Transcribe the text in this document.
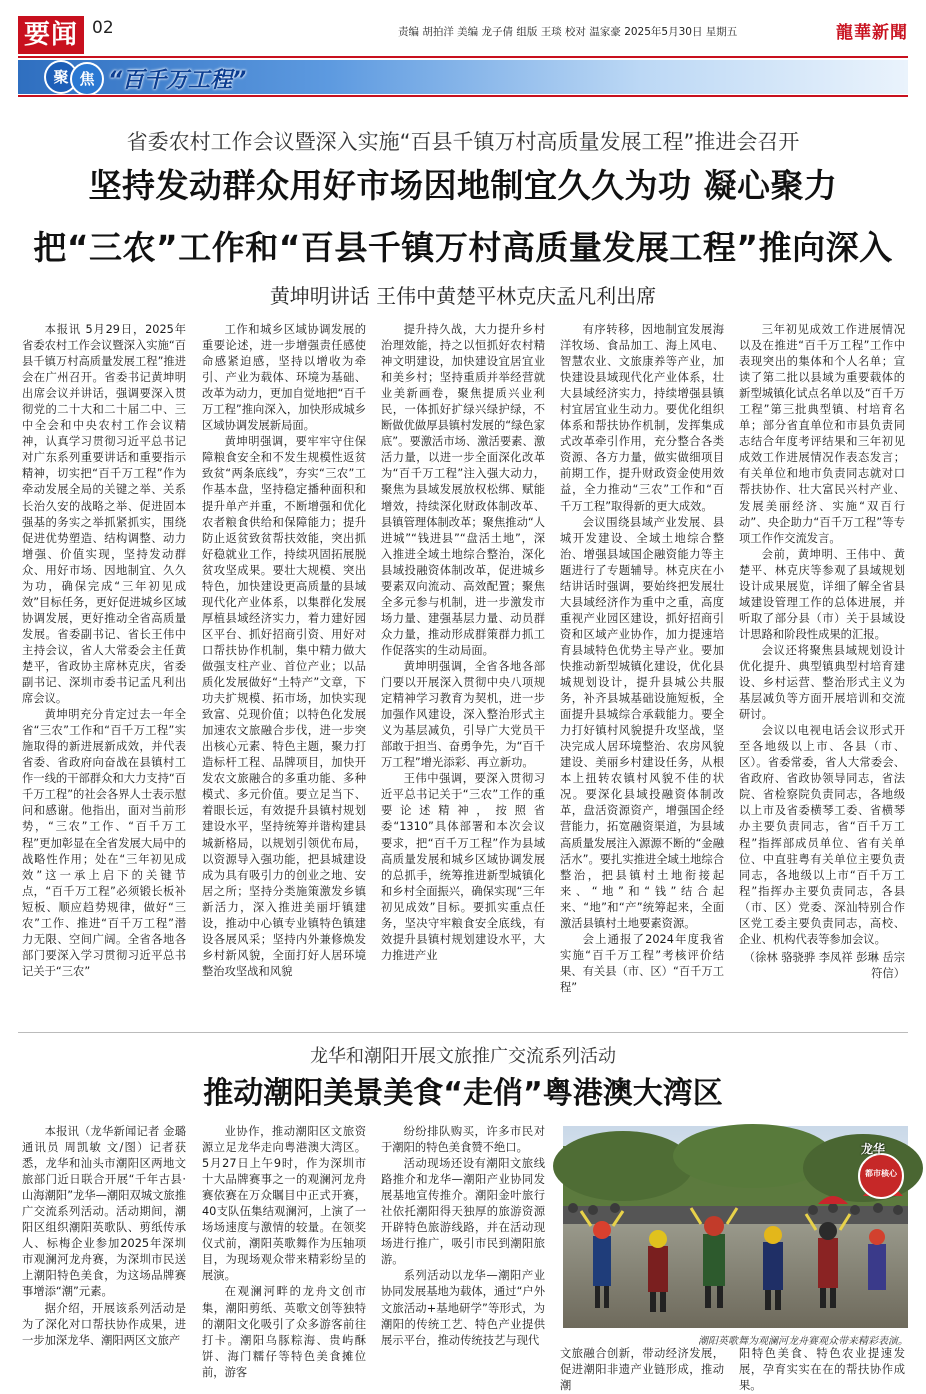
要闻 02	责编 胡拍洋 美编 龙子倩 组版 王琰 校对 温家豪 2025年5月30日 星期五	龍華新聞
聚 焦 “百千万工程”
省委农村工作会议暨深入实施“百县千镇万村高质量发展工程”推进会召开
坚持发动群众用好市场因地制宜久久为功 凝心聚力
把“三农”工作和“百县千镇万村高质量发展工程”推向深入
黄坤明讲话 王伟中黄楚平林克庆孟凡利出席

本报讯 5月29日，2025年省委农村工作会议暨深入实施“百县千镇万村高质量发展工程”推进会在广州召开。省委书记黄坤明出席会议并讲话，强调要深入贯彻党的二十大和二十届二中、三中全会和中央农村工作会议精神，认真学习贯彻习近平总书记对广东系列重要讲话和重要指示精神，切实把“百千万工程”作为牵动发展全局的关键之举、关系长治久安的战略之举、促进固本强基的务实之举抓紧抓实，围绕促进优势塑造、结构调整、动力增强、价值实现，坚持发动群众、用好市场、因地制宜、久久为功，确保完成“三年初见成效”目标任务，更好促进城乡区域协调发展，更好推动全省高质量发展。省委副书记、省长王伟中主持会议，省人大常委会主任黄楚平，省政协主席林克庆，省委副书记、深圳市委书记孟凡利出席会议。

黄坤明充分肯定过去一年全省“三农”工作和“百千万工程”实施取得的新进展新成效，并代表省委、省政府向奋战在县镇村工作一线的干部群众和大力支持“百千万工程”的社会各界人士表示慰问和感谢。他指出，面对当前形势，“三农”工作、“百千万工程”更加彰显在全省发展大局中的战略性作用；处在“三年初见成效”这一承上启下的关键节点，“百千万工程”必须锻长板补短板、顺应趋势规律，做好“三农”工作、推进“百千万工程”潜力无限、空间广阔。全省各地各部门要深入学习贯彻习近平总书记关于“三农”

工作和城乡区域协调发展的重要论述，进一步增强责任感使命感紧迫感，坚持以增收为牵引、产业为载体、环境为基础、改革为动力，更加自觉地把“百千万工程”推向深入，加快形成城乡区域协调发展新局面。

黄坤明强调，要牢牢守住保障粮食安全和不发生规模性返贫致贫“两条底线”，夯实“三农”工作基本盘，坚持稳定播种面积和提升单产并重，不断增强和优化农者粮食供给和保障能力；提升防止返贫致贫帮扶效能，突出抓好稳就业工作，持续巩固拓展脱贫攻坚成果。要壮大规模、突出特色，加快建设更高质量的县域现代化产业体系，以集群化发展厚植县域经济实力，着力建好园区平台、抓好招商引资、用好对口帮扶协作机制，集中精力做大做强支柱产业、首位产业；以品质化发展做好“土特产”文章，下功夫扩规模、拓市场，加快实现致富、兑现价值；以特色化发展加速农文旅融合步伐，进一步突出核心元素、特色主题，聚力打造标杆工程、品牌项目，加快开发农文旅融合的多重功能、多种模式、多元价值。要立足当下、着眼长远，有效提升县镇村规划建设水平，坚持统筹并谐构建县城新格局，以规划引领优布局，以资源导入强功能，把县城建设成为具有吸引力的创业之地、安居之所；坚持分类施策激发乡镇新活力，深入推进美丽圩镇建设，推动中心镇专业镇特色镇建设各展风采；坚持内外兼修焕发乡村新风貌，全面打好人居环境整治攻坚战和风貌

提升持久战，大力提升乡村治理效能，持之以恒抓好农村精神文明建设，加快建设宜居宜业和美乡村；坚持重质并举经营就业美新画卷，聚焦提质兴业利民，一体抓好扩绿兴绿护绿，不断做优做厚县镇村发展的“绿色家底”。要激活市场、激活要素、激活力量，以进一步全面深化改革为“百千万工程”注入强大动力，聚焦为县域发展放权松绑、赋能增效，持续深化财政体制改革、县镇管理体制改革；聚焦推动“人进城”“钱进县”“盘活土地”，深入推进全域土地综合整治，深化县域投融资体制改革，促进城乡要素双向流动、高效配置；聚焦全多元参与机制，进一步激发市场力量、建强基层力量、动员群众力量，推动形成群策群力抓工作促落实的生动局面。

黄坤明强调，全省各地各部门要以开展深入贯彻中央八项规定精神学习教育为契机，进一步加强作风建设，深入整治形式主义为基层减负，引导广大党员干部敢于担当、奋勇争先，为“百千万工程”增光添彩、再立新功。

王伟中强调，要深入贯彻习近平总书记关于“三农”工作的重要论述精神，按照省委“1310”具体部署和本次会议要求，把“百千万工程”作为县域高质量发展和城乡区域协调发展的总抓手，统筹推进新型城镇化和乡村全面振兴，确保实现“三年初见成效”目标。要抓实重点任务，坚决守牢粮食安全底线，有效提升县镇村规划建设水平，大力推进产业

有序转移，因地制宜发展海洋牧场、食品加工、海上风电、智慧农业、文旅康养等产业，加快建设县域现代化产业体系，壮大县域经济实力，持续增强县镇村宜居宜业生动力。要优化组织体系和帮扶协作机制，发挥集成式改革牵引作用，充分整合各类资源、各方力量，做实做细项目前期工作，提升财政资金使用效益，全力推动“三农”工作和“百千万工程”取得新的更大成效。

会议围绕县域产业发展、县城开发建设、全域土地综合整治、增强县域国企融资能力等主题进行了专题辅导。林克庆在小结讲话时强调，要始终把发展壮大县域经济作为重中之重，高度重视产业园区建设，抓好招商引资和区域产业协作，加力提速培育县域特色优势主导产业。要加快推动新型城镇化建设，优化县城规划设计，提升县城公共服务，补齐县城基础设施短板，全面提升县城综合承载能力。要全力打好镇村风貌提升攻坚战，坚决完成人居环境整治、农房风貌建设、美丽乡村建设任务，从根本上扭转农镇村风貌不佳的状况。要深化县域投融资体制改革，盘活资源资产，增强国企经营能力，拓宽融资渠道，为县域高质量发展注入源源不断的“金融活水”。要扎实推进全域土地综合整治，把县镇村土地衔接起来、“地”和“钱”结合起来、“地”和“产”统筹起来，全面激活县镇村土地要素资源。

会上通报了2024年度我省实施“百千万工程”考核评价结果、有关县（市、区）“百千万工程”

三年初见成效工作进展情况以及在推进“百千万工程”工作中表现突出的集体和个人名单；宣读了第二批以县域为重要载体的新型城镇化试点名单以及“百千万工程”第三批典型镇、村培育名单；部分省直单位和市县负责同志结合年度考评结果和三年初见成效工作进展情况作表态发言；有关单位和地市负责同志就对口帮扶协作、壮大富民兴村产业、发展美丽经济、实施“双百行动”、央企助力“百千万工程”等专项工作作交流发言。

会前，黄坤明、王伟中、黄楚平、林克庆等参观了县域规划设计成果展览，详细了解全省县域建设管理工作的总体进展，并听取了部分县（市）关于县域设计思路和阶段性成果的汇报。

会议还将聚焦县域规划设计优化提升、典型镇典型村培育建设、乡村运营、整治形式主义为基层减负等方面开展培训和交流研讨。

会议以电视电话会议形式开至各地级以上市、各县（市、区）。省委常委，省人大常委会、省政府、省政协领导同志，省法院、省检察院负责同志，各地级以上市及省委横琴工委、省横琴办主要负责同志，省“百千万工程”指挥部成员单位、省有关单位、中直驻粤有关单位主要负责同志，各地级以上市“百千万工程”指挥办主要负责同志，各县（市、区）党委、深汕特别合作区党工委主要负责同志，高校、企业、机构代表等参加会议。

（徐林 骆骁骅 李凤祥 彭琳 岳宗 符信）

龙华和潮阳开展文旅推广交流系列活动
推动潮阳美景美食“走俏”粤港澳大湾区

本报讯（龙华新闻记者 金璐 通讯员 周凯敏 文/图）记者获悉，龙华和汕头市潮阳区两地文旅部门近日联合开展“千年古县·山海潮阳”龙华—潮阳双城文旅推广交流系列活动。活动期间，潮阳区组织潮阳英歌队、剪纸传承人、标梅企业参加2025年深圳市观澜河龙舟赛，为深圳市民送上潮阳特色美食，为这场品牌赛事增添“潮”元素。

据介绍，开展该系列活动是为了深化对口帮扶协作成果，进一步加深龙华、潮阳两区文旅产

业协作，推动潮阳区文旅资源立足龙华走向粤港澳大湾区。5月27日上午9时，作为深圳市十大品牌赛事之一的观澜河龙舟赛依赛在万众瞩目中正式开赛，40支队伍集结观澜河，上演了一场场速度与激情的较量。在领奖仪式前，潮阳英歌舞作为压轴项目，为现场观众带来精彩纷呈的展演。

在观澜河畔的龙舟文创市集，潮阳剪纸、英歌文创等独特的潮阳文化吸引了众多游客前往打卡。潮阳乌豚粽海、贵屿酥饼、海门糯仔等特色美食摊位前，游客

纷纷排队购买，许多市民对于潮阳的特色美食赞不绝口。

活动现场还设有潮阳文旅线路推介和龙华—潮阳产业协同发展基地宣传推介。潮阳金叶旅行社依托潮阳得天独厚的旅游资源开辟特色旅游线路，并在活动现场进行推广，吸引市民到潮阳旅游。

系列活动以龙华—潮阳产业协同发展基地为载体，通过“户外文旅活动+基地研学”等形式，为潮阳的传统工艺、特色产业提供展示平台，推动传统技艺与现代

文旅融合创新，带动经济发展，促进潮阳非遗产业链形成，推动潮

阳特色美食、特色农业提速发展，孕育实实在在的帮扶协作成果。

龙华
都市核心
潮阳英歌舞为观澜河龙舟赛观众带来精彩表演。
